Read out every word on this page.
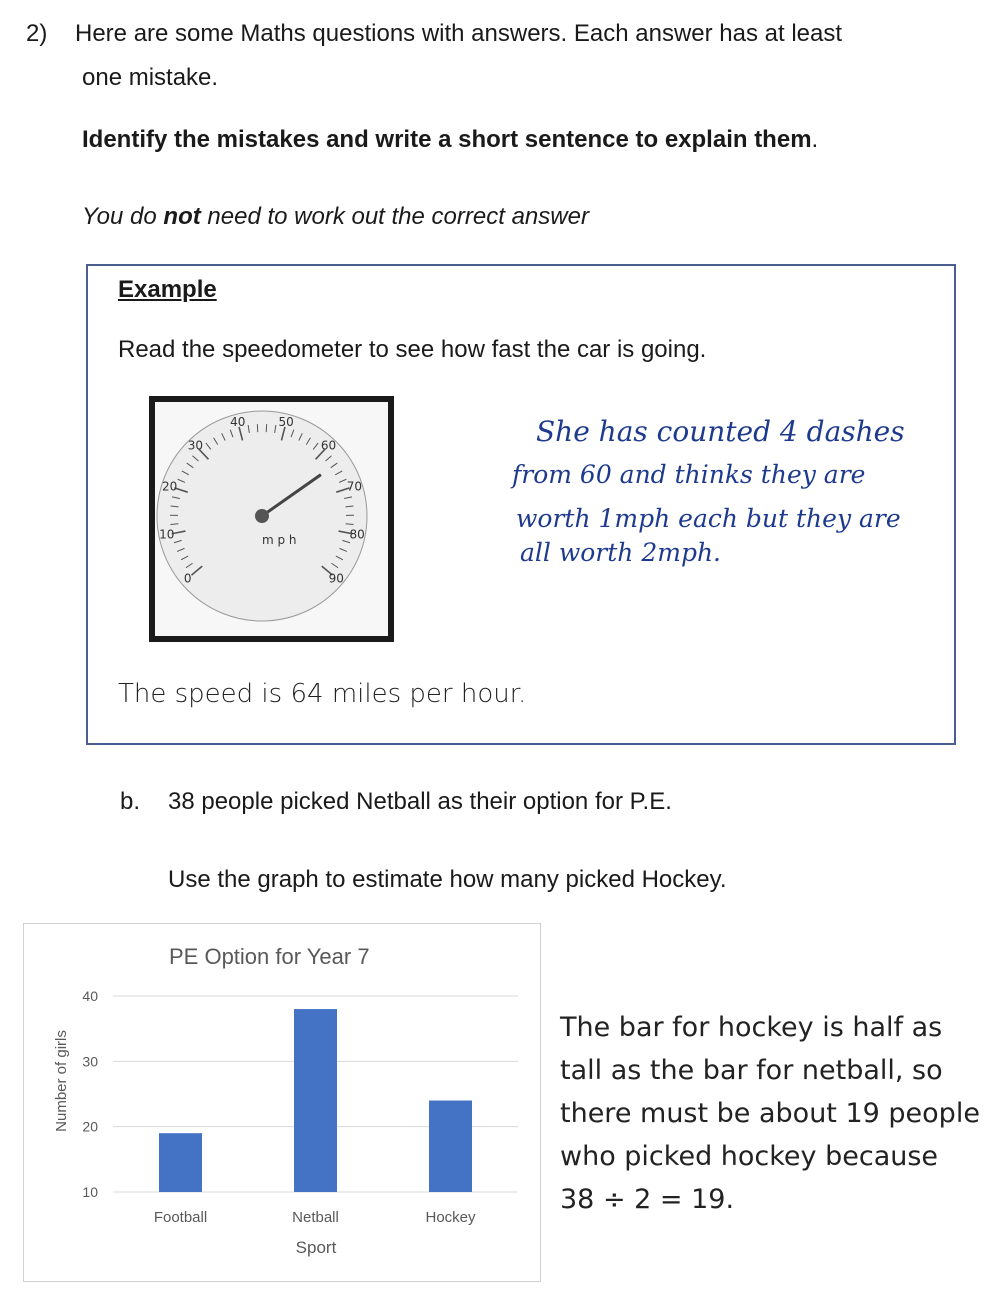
2) Here are some Maths questions with answers. Each answer has at least
one mistake.
Identify the mistakes and write a short sentence to explain them.
You do not need to work out the correct answer
Example
Read the speedometer to see how fast the car is going.
0
10
20
30
40	50
60
70
80
90
m p h
She has counted 4 dashes
from 60 and thinks they are
worth 1mph each but they are
all worth 2mph.
The speed is 64 miles per hour.
b. 38 people picked Netball as their option for P.E.
Use the graph to estimate how many picked Hockey.
PE Option for Year 7
10
20
30
40
Football	Netball	Hockey
Sport
Number of girls
The bar for hockey is half as
tall as the bar for netball, so
there must be about 19 people
who picked hockey because
38 ÷ 2 = 19.
